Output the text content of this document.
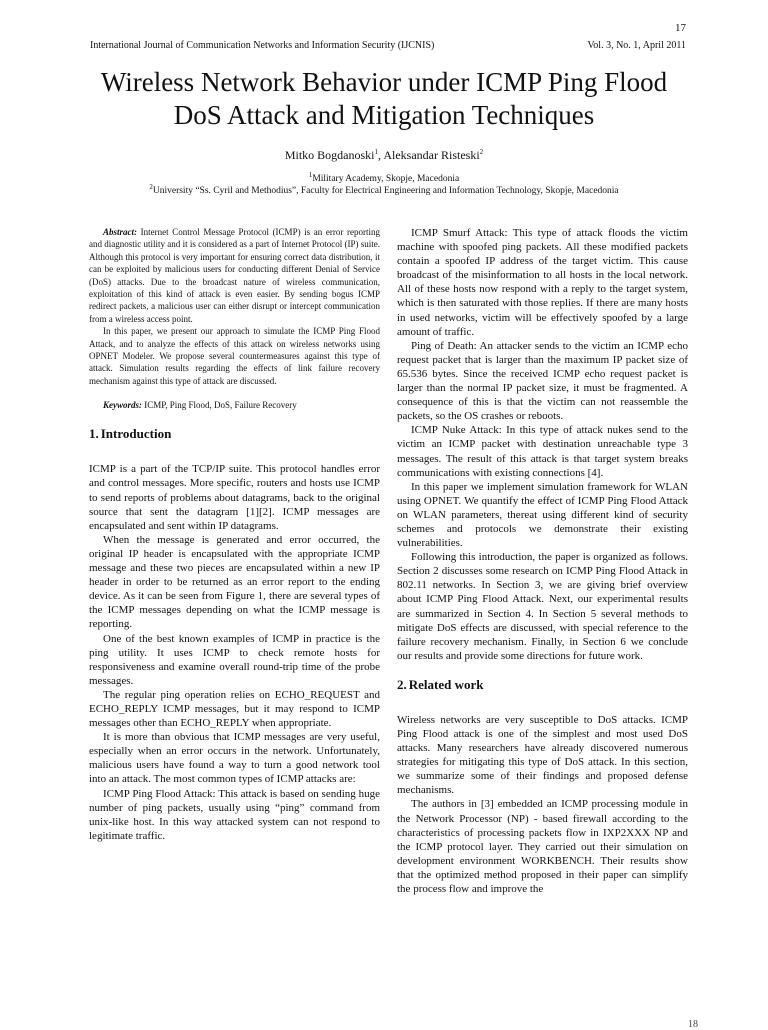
17
International Journal of Communication Networks and Information Security (IJCNIS)	Vol. 3, No. 1, April 2011
Wireless Network Behavior under ICMP Ping Flood
DoS Attack and Mitigation Techniques
Mitko Bogdanoski$^1$, Aleksandar Risteski$^2$
$^1$Military Academy, Skopje, Macedonia
$^2$University “Ss. Cyril and Methodius”, Faculty for Electrical Engineering and Information Technology, Skopje, Macedonia

Abstract: Internet Control Message Protocol (ICMP) is an error reporting and diagnostic utility and it is considered as a part of Internet Protocol (IP) suite. Although this protocol is very important for ensuring correct data distribution, it can be exploited by malicious users for conducting different Denial of Service (DoS) attacks. Due to the broadcast nature of wireless communication, exploitation of this kind of attack is even easier. By sending bogus ICMP redirect packets, a malicious user can either disrupt or intercept communication from a wireless access point.

In this paper, we present our approach to simulate the ICMP Ping Flood Attack, and to analyze the effects of this attack on wireless networks using OPNET Modeler. We propose several countermeasures against this type of attack. Simulation results regarding the effects of link failure recovery mechanism against this type of attack are discussed.

Keywords: ICMP, Ping Flood, DoS, Failure Recovery

1. Introduction

ICMP is a part of the TCP/IP suite. This protocol handles error and control messages. More specific, routers and hosts use ICMP to send reports of problems about datagrams, back to the original source that sent the datagram [1][2]. ICMP messages are encapsulated and sent within IP datagrams.

When the message is generated and error occurred, the original IP header is encapsulated with the appropriate ICMP message and these two pieces are encapsulated within a new IP header in order to be returned as an error report to the ending device. As it can be seen from Figure 1, there are several types of the ICMP messages depending on what the ICMP message is reporting.

One of the best known examples of ICMP in practice is the ping utility. It uses ICMP to check remote hosts for responsiveness and examine overall round-trip time of the probe messages.

The regular ping operation relies on ECHO_REQUEST and ECHO_REPLY ICMP messages, but it may respond to ICMP messages other than ECHO_REPLY when appropriate.

It is more than obvious that ICMP messages are very useful, especially when an error occurs in the network. Unfortunately, malicious users have found a way to turn a good network tool into an attack. The most common types of ICMP attacks are:

ICMP Ping Flood Attack: This attack is based on sending huge number of ping packets, usually using “ping” command from unix-like host. In this way attacked system can not respond to legitimate traffic.

ICMP Smurf Attack: This type of attack floods the victim machine with spoofed ping packets. All these modified packets contain a spoofed IP address of the target victim. This cause broadcast of the misinformation to all hosts in the local network. All of these hosts now respond with a reply to the target system, which is then saturated with those replies. If there are many hosts in used networks, victim will be effectively spoofed by a large amount of traffic.

Ping of Death: An attacker sends to the victim an ICMP echo request packet that is larger than the maximum IP packet size of 65.536 bytes. Since the received ICMP echo request packet is larger than the normal IP packet size, it must be fragmented. A consequence of this is that the victim can not reassemble the packets, so the OS crashes or reboots.

ICMP Nuke Attack: In this type of attack nukes send to the victim an ICMP packet with destination unreachable type 3 messages. The result of this attack is that target system breaks communications with existing connections [4].

In this paper we implement simulation framework for WLAN using OPNET. We quantify the effect of ICMP Ping Flood Attack on WLAN parameters, thereat using different kind of security schemes and protocols we demonstrate their existing vulnerabilities.

Following this introduction, the paper is organized as follows. Section 2 discusses some research on ICMP Ping Flood Attack in 802.11 networks. In Section 3, we are giving brief overview about ICMP Ping Flood Attack. Next, our experimental results are summarized in Section 4. In Section 5 several methods to mitigate DoS effects are discussed, with special reference to the failure recovery mechanism. Finally, in Section 6 we conclude our results and provide some directions for future work.

2. Related work

Wireless networks are very susceptible to DoS attacks. ICMP Ping Flood attack is one of the simplest and most used DoS attacks. Many researchers have already discovered numerous strategies for mitigating this type of DoS attack. In this section, we summarize some of their findings and proposed defense mechanisms.

The authors in [3] embedded an ICMP processing module in the Network Processor (NP) - based firewall according to the characteristics of processing packets flow in IXP2XXX NP and the ICMP protocol layer. They carried out their simulation on development environment WORKBENCH. Their results show that the optimized method proposed in their paper can simplify the process flow and improve the

18
